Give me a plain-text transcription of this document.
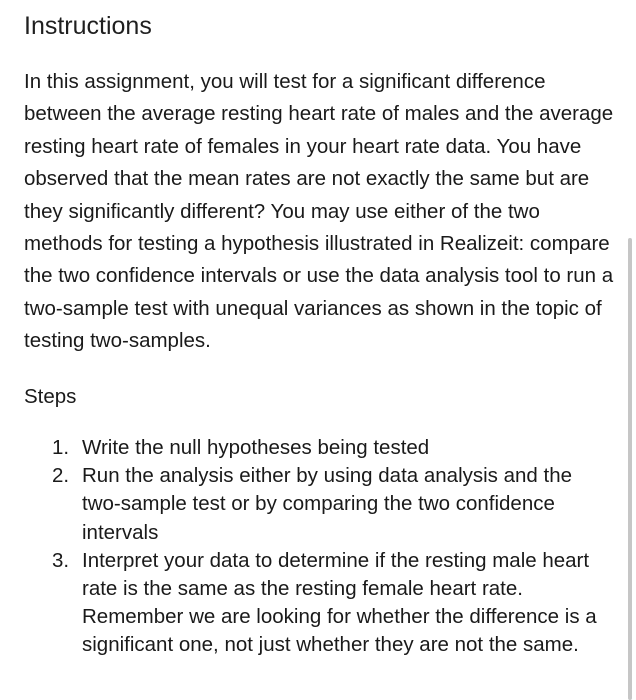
Instructions

In this assignment, you will test for a significant difference between the average resting heart rate of males and the average resting heart rate of females in your heart rate data. You have observed that the mean rates are not exactly the same but are they significantly different? You may use either of the two methods for testing a hypothesis illustrated in Realizeit: compare the two confidence intervals or use the data analysis tool to run a two-sample test with unequal variances as shown in the topic of testing two-samples.

Steps
1. Write the null hypotheses being tested
2. Run the analysis either by using data analysis and the two-sample test or by comparing the two confidence intervals
3. Interpret your data to determine if the resting male heart rate is the same as the resting female heart rate. Remember we are looking for whether the difference is a significant one, not just whether they are not the same.
